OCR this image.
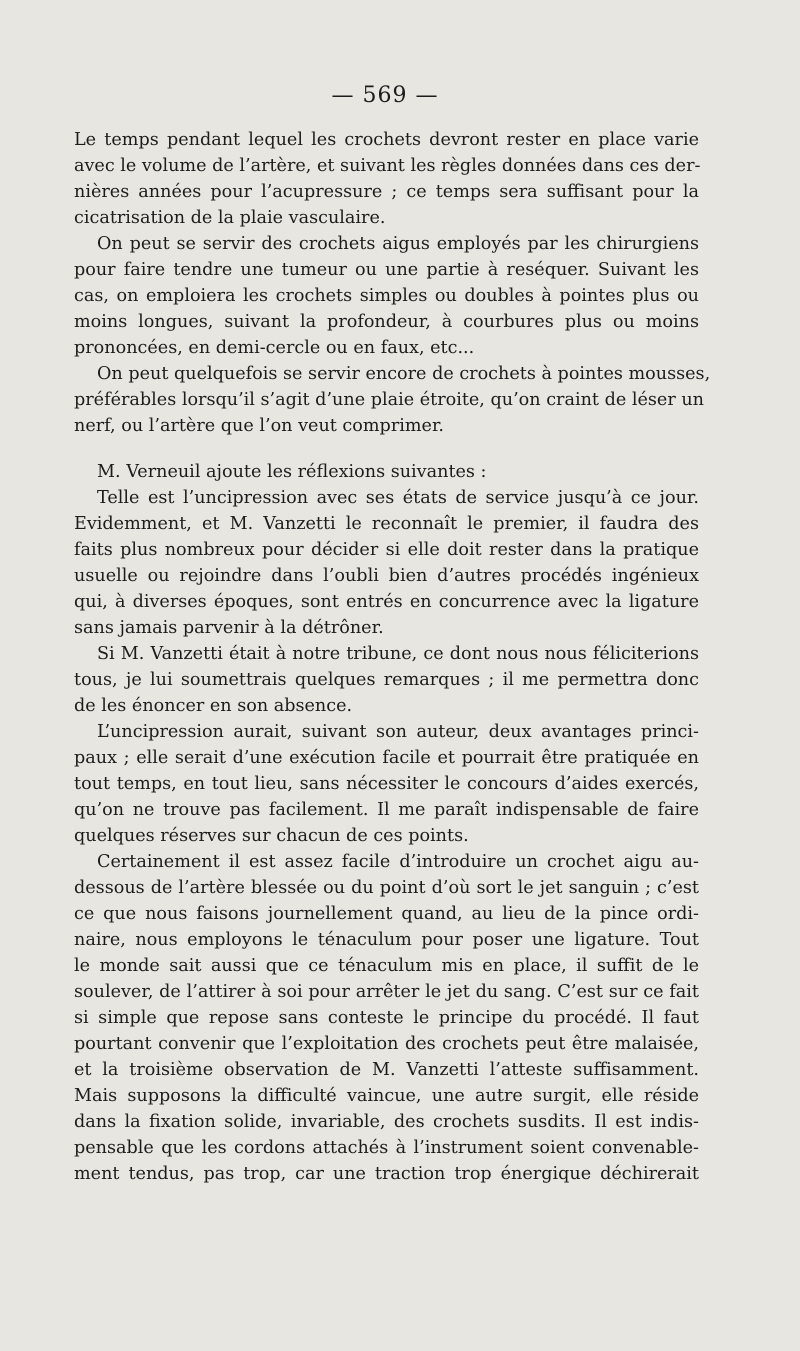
— 569 —
Le temps pendant lequel les crochets devront rester en place varie
avec le volume de l’artère, et suivant les règles données dans ces der-
nières années pour l’acupressure ; ce temps sera suffisant pour la
cicatrisation de la plaie vasculaire.
On peut se servir des crochets aigus employés par les chirurgiens
pour faire tendre une tumeur ou une partie à reséquer. Suivant les
cas, on emploiera les crochets simples ou doubles à pointes plus ou
moins longues, suivant la profondeur, à courbures plus ou moins
prononcées, en demi-cercle ou en faux, etc...
On peut quelquefois se servir encore de crochets à pointes mousses,
préférables lorsqu’il s’agit d’une plaie étroite, qu’on craint de léser un
nerf, ou l’artère que l’on veut comprimer.
M. Verneuil ajoute les réflexions suivantes :
Telle est l’uncipression avec ses états de service jusqu’à ce jour.
Evidemment, et M. Vanzetti le reconnaît le premier, il faudra des
faits plus nombreux pour décider si elle doit rester dans la pratique
usuelle ou rejoindre dans l’oubli bien d’autres procédés ingénieux
qui, à diverses époques, sont entrés en concurrence avec la ligature
sans jamais parvenir à la détrôner.
Si M. Vanzetti était à notre tribune, ce dont nous nous féliciterions
tous, je lui soumettrais quelques remarques ; il me permettra donc
de les énoncer en son absence.
L’uncipression aurait, suivant son auteur, deux avantages princi-
paux ; elle serait d’une exécution facile et pourrait être pratiquée en
tout temps, en tout lieu, sans nécessiter le concours d’aides exercés,
qu’on ne trouve pas facilement. Il me paraît indispensable de faire
quelques réserves sur chacun de ces points.
Certainement il est assez facile d’introduire un crochet aigu au-
dessous de l’artère blessée ou du point d’où sort le jet sanguin ; c’est
ce que nous faisons journellement quand, au lieu de la pince ordi-
naire, nous employons le ténaculum pour poser une ligature. Tout
le monde sait aussi que ce ténaculum mis en place, il suffit de le
soulever, de l’attirer à soi pour arrêter le jet du sang. C’est sur ce fait
si simple que repose sans conteste le principe du procédé. Il faut
pourtant convenir que l’exploitation des crochets peut être malaisée,
et la troisième observation de M. Vanzetti l’atteste suffisamment.
Mais supposons la difficulté vaincue, une autre surgit, elle réside
dans la fixation solide, invariable, des crochets susdits. Il est indis-
pensable que les cordons attachés à l’instrument soient convenable-
ment tendus, pas trop, car une traction trop énergique déchirerait
